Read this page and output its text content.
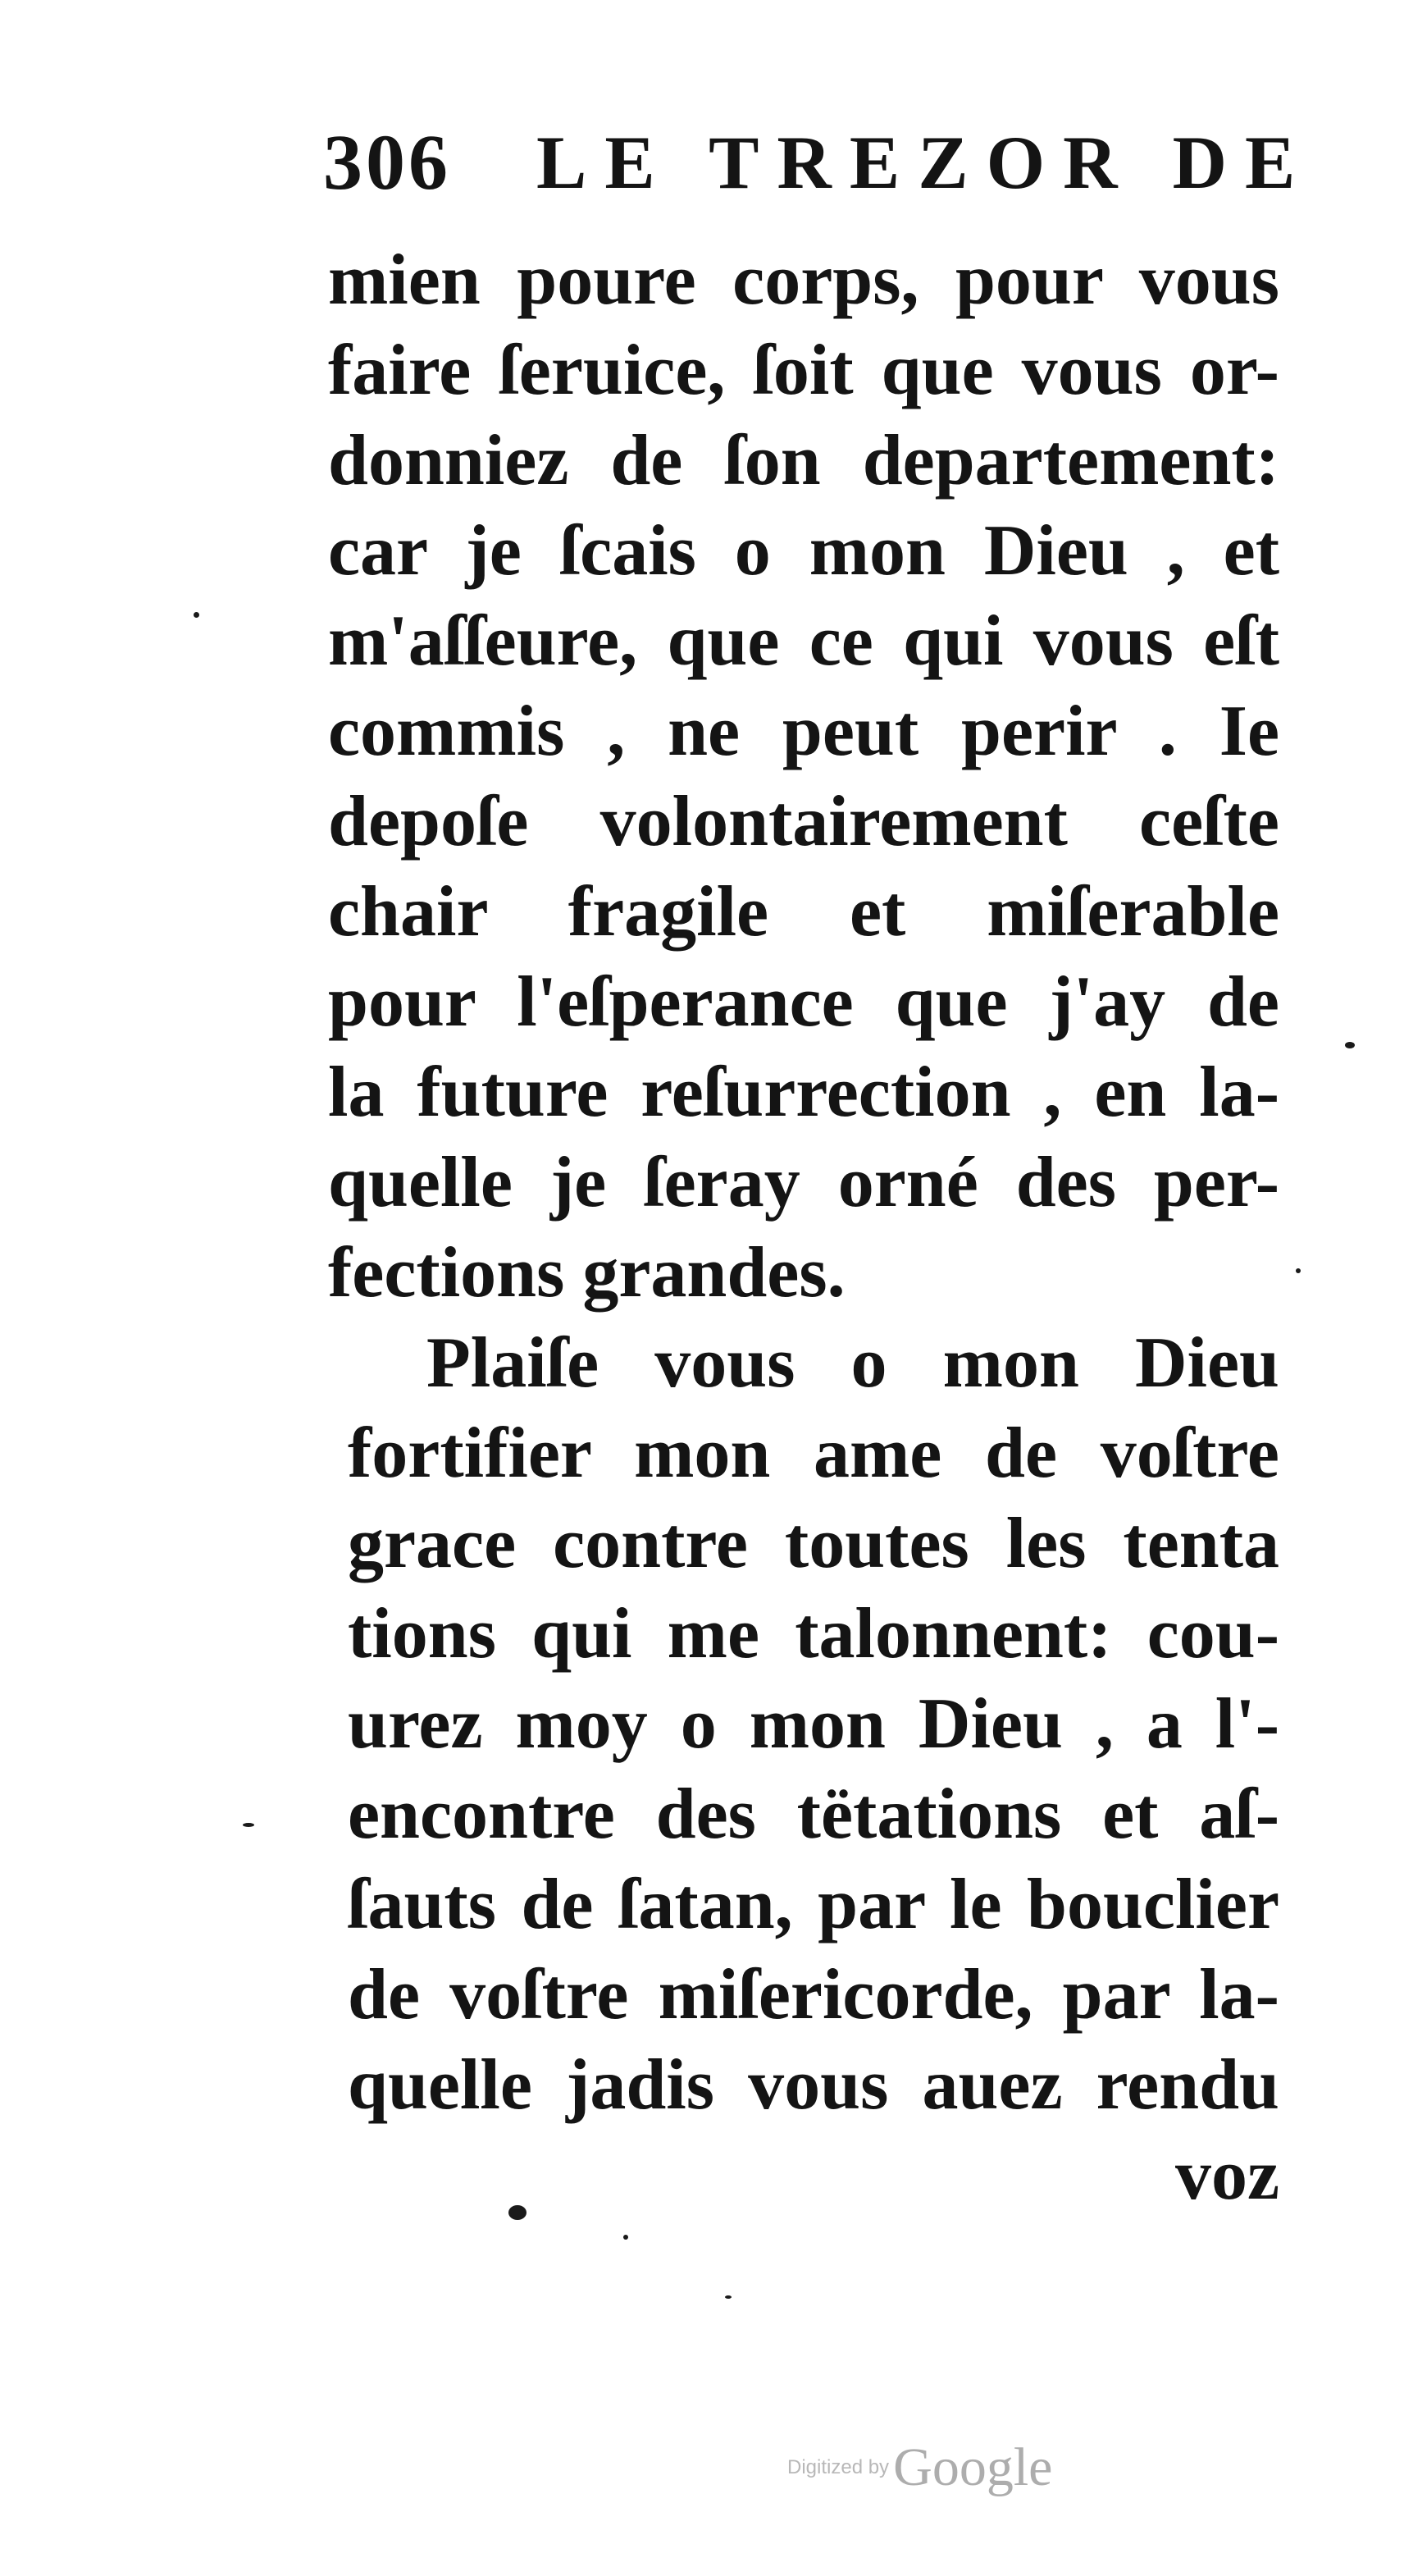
306 LE TREZOR DE
mien poure corps, pour vous
faire ſeruice, ſoit que vous or-
donniez de ſon departement:
car je ſcais o mon Dieu , et
m'aſſeure, que ce qui vous eſt
commis , ne peut perir . Ie
depoſe volontairement ceſte
chair fragile et miſerable
pour l'eſperance que j'ay de
la future reſurrection , en la-
quelle je ſeray orné des per-
fections grandes.
Plaiſe vous o mon Dieu
fortifier mon ame de voſtre
grace contre toutes les tenta
tions qui me talonnent: cou-
urez moy o mon Dieu , a l'-
encontre des tëtations et aſ-
ſauts de ſatan, par le bouclier
de voſtre miſericorde, par la-
quelle jadis vous auez rendu
voz
Digitized by Google
